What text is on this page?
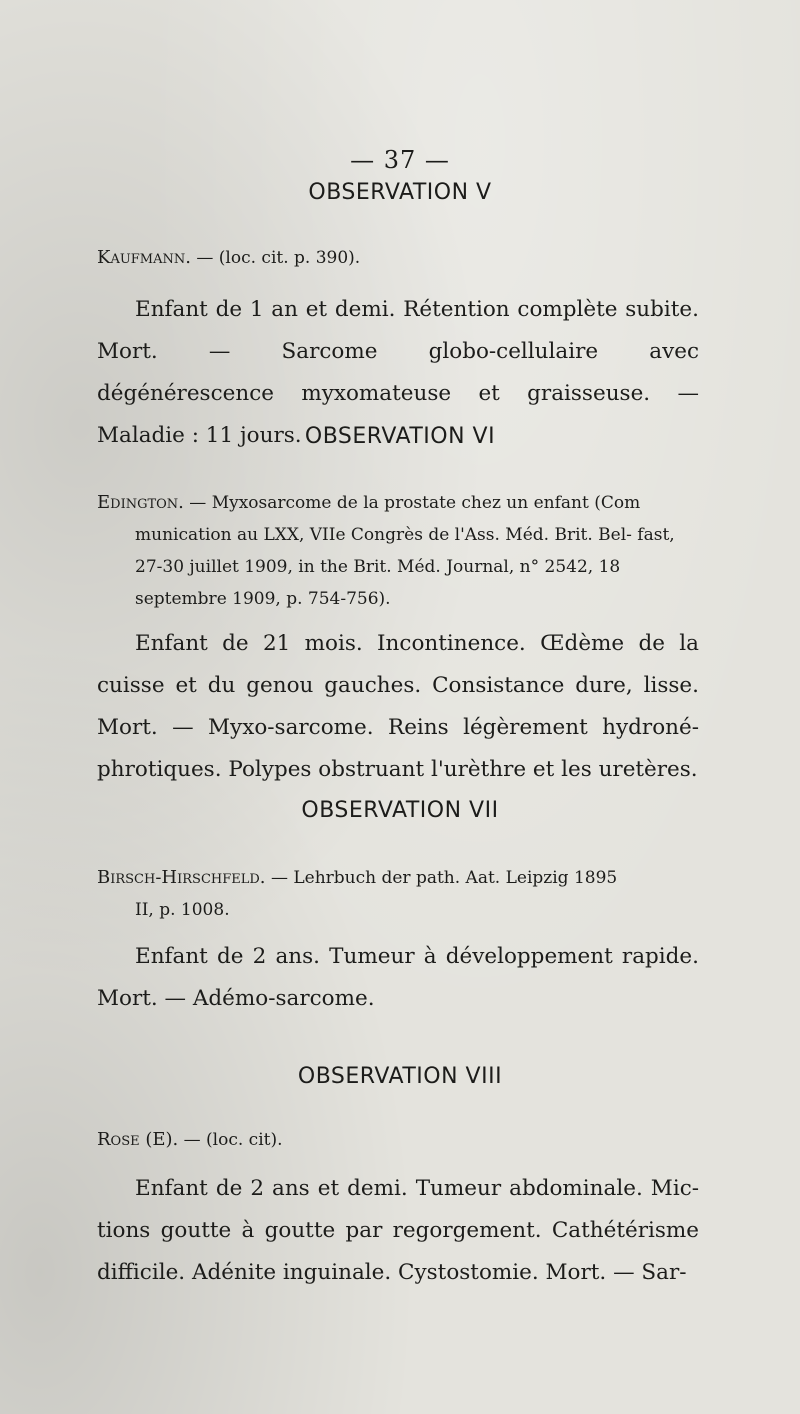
— 37 —
OBSERVATION V
Kaufmann. — (loc. cit. p. 390).
Enfant de 1 an et demi. Rétention complète subite. Mort. — Sarcome globo-cellulaire avec dégénérescence myxomateuse et graisseuse. — Maladie : 11 jours. OBSERVATION VI
Edington. — Myxosarcome de la prostate chez un enfant (Com
munication au LXX, VIIe Congrès de l'Ass. Méd. Brit. Bel- fast, 27-30 juillet 1909, in the Brit. Méd. Journal, n° 2542, 18 septembre 1909, p. 754-756).
Enfant de 21 mois. Incontinence. Œdème de la cuisse et du genou gauches. Consistance dure, lisse. Mort. — Myxo-sarcome. Reins légèrement hydroné- phrotiques. Polypes obstruant l'urèthre et les uretères.
OBSERVATION VII
Birsch-Hirschfeld. — Lehrbuch der path. Aat. Leipzig 1895
II, p. 1008.
Enfant de 2 ans. Tumeur à développement rapide. Mort. — Adémo-sarcome.
OBSERVATION VIII
Rose (E). — (loc. cit).
Enfant de 2 ans et demi. Tumeur abdominale. Mic- tions goutte à goutte par regorgement. Cathétérisme difficile. Adénite inguinale. Cystostomie. Mort. — Sar-
